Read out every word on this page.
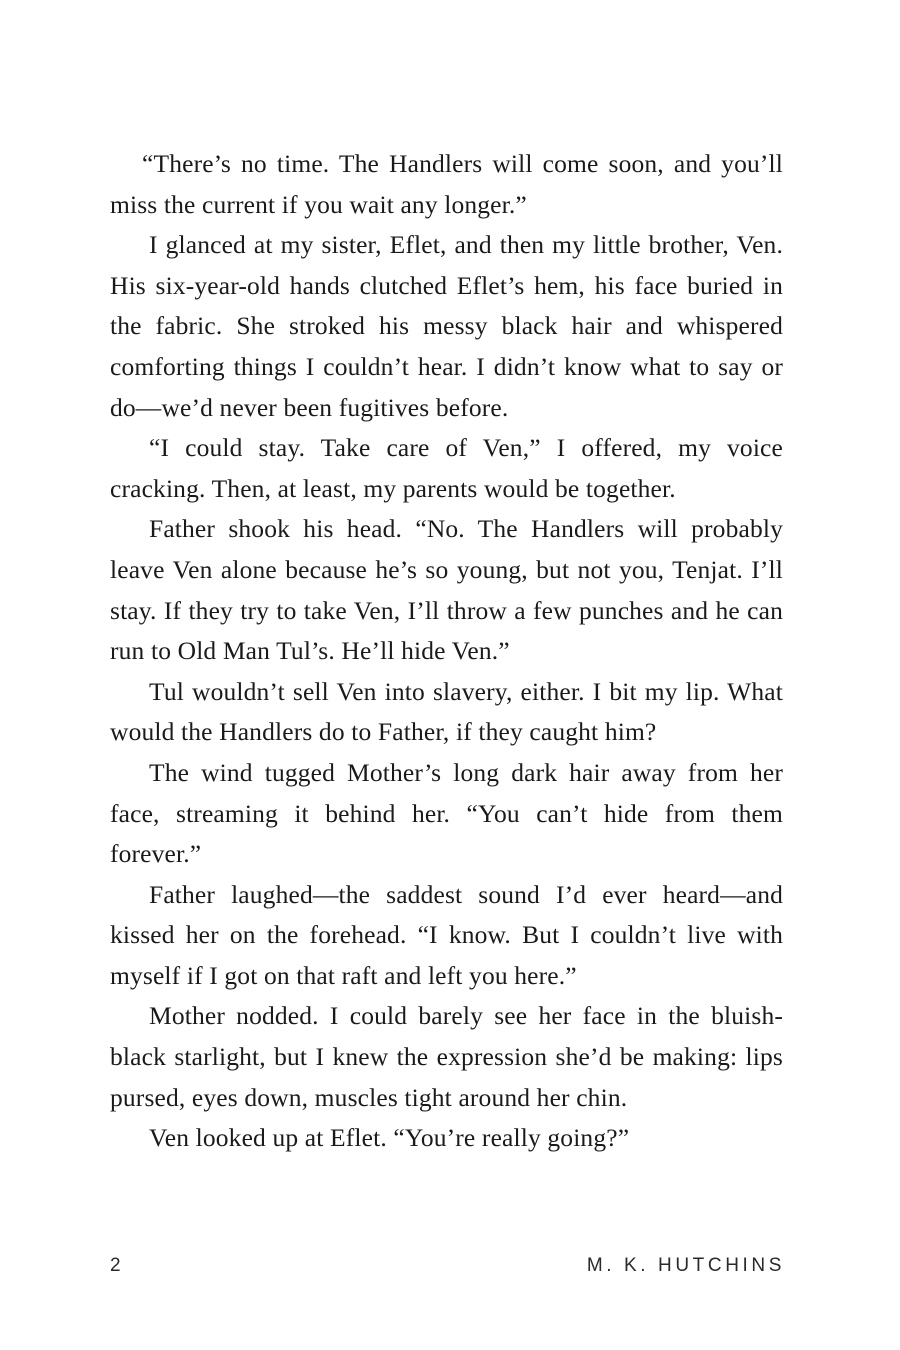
“There’s no time. The Handlers will come soon, and you’ll miss the current if you wait any longer.”

I glanced at my sister, Eflet, and then my little brother, Ven. His six-year-old hands clutched Eflet’s hem, his face buried in the fabric. She stroked his messy black hair and whispered comforting things I couldn’t hear. I didn’t know what to say or do—we’d never been fugitives before.

“I could stay. Take care of Ven,” I offered, my voice cracking. Then, at least, my parents would be together.

Father shook his head. “No. The Handlers will probably leave Ven alone because he’s so young, but not you, Tenjat. I’ll stay. If they try to take Ven, I’ll throw a few punches and he can run to Old Man Tul’s. He’ll hide Ven.”

Tul wouldn’t sell Ven into slavery, either. I bit my lip. What would the Handlers do to Father, if they caught him?

The wind tugged Mother’s long dark hair away from her face, streaming it behind her. “You can’t hide from them forever.”

Father laughed—the saddest sound I’d ever heard—and kissed her on the forehead. “I know. But I couldn’t live with myself if I got on that raft and left you here.”

Mother nodded. I could barely see her face in the bluish-black starlight, but I knew the expression she’d be making: lips pursed, eyes down, muscles tight around her chin.

Ven looked up at Eflet. “You’re really going?”

2	M. K. HUTCHINS
